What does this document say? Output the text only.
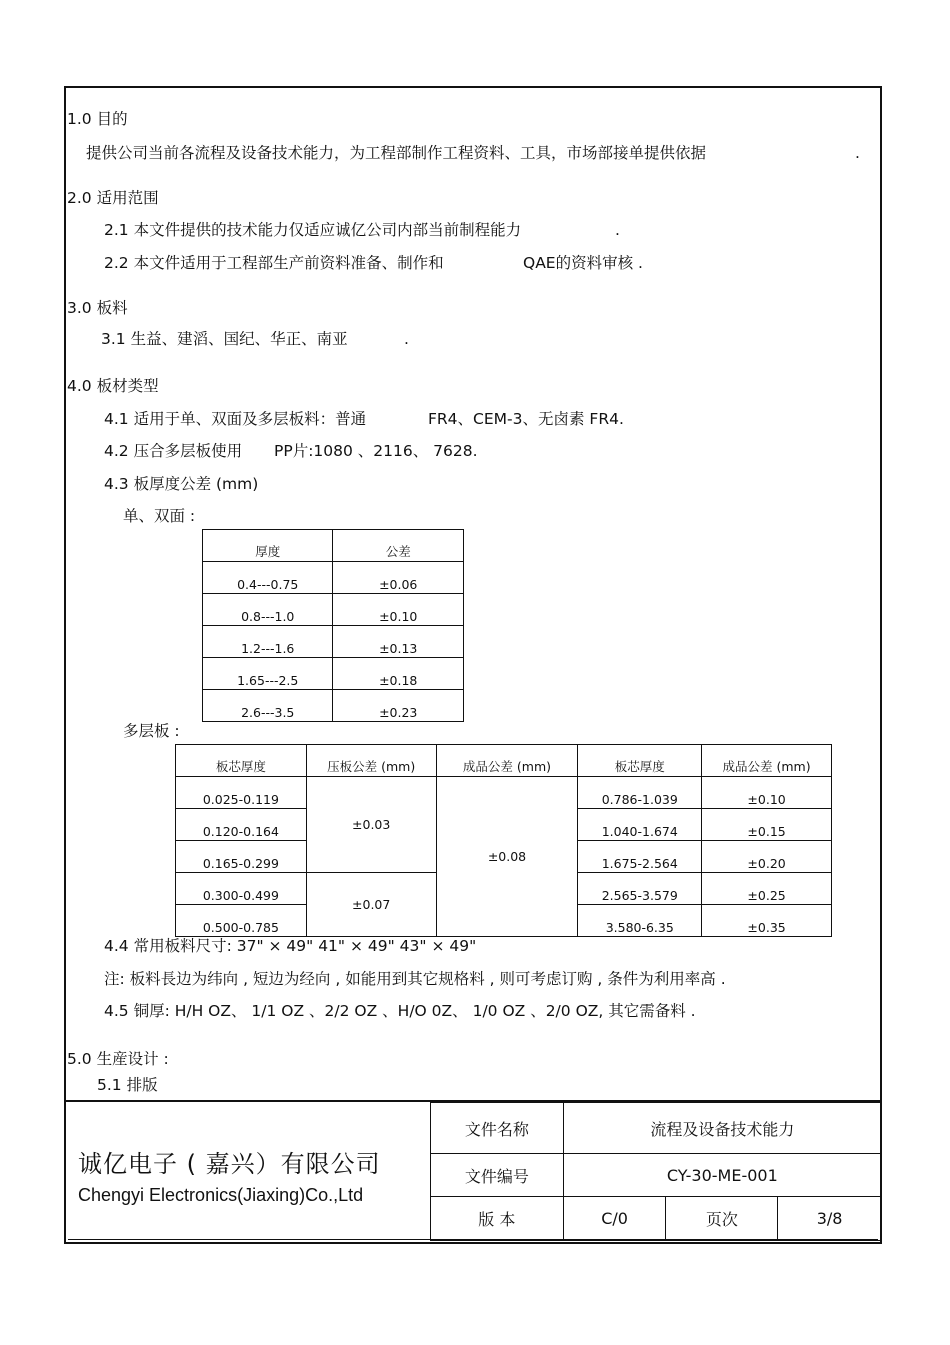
1.0 目的
提供公司当前各流程及设备技术能力，为工程部制作工程资料、工具，市场部接单提供依据	.
2.0 适用范围
2.1 本文件提供的技术能力仅适应诚亿公司内部当前制程能力	.
2.2 本文件适用于工程部生产前资料准备、制作和	QAE的资料审核 .
3.0 板料
3.1 生益、建滔、国纪、华正、南亚	.
4.0 板材类型
4.1 适用于单、双面及多层板料：普通	FR4、CEM-3、无卤素 FR4.
4.2 压合多层板使用 PP片:1080 、2116、 7628.
4.3 板厚度公差 (mm)
单、双面 :
厚度	公差
0.4---0.75	±0.06
0.8---1.0	±0.10
1.2---1.6	±0.13
1.65---2.5	±0.18
2.6---3.5	±0.23
多层板 :
板芯厚度	压板公差 (mm)	成品公差 (mm)	板芯厚度	成品公差 (mm)
0.025-0.119	±0.03	±0.08	0.786-1.039	±0.10
0.120-0.164			1.040-1.674	±0.15
0.165-0.299			1.675-2.564	±0.20
0.300-0.499	±0.07		2.565-3.579	±0.25
0.500-0.785			3.580-6.35	±0.35
4.4 常用板料尺寸: 37" × 49" 41" × 49" 43" × 49"
注: 板料長边为纬向 , 短边为经向 , 如能用到其它规格料 , 则可考虑订购 , 条件为利用率高 .
4.5 铜厚: H/H OZ、 1/1 OZ 、2/2 OZ 、H/O 0Z、 1/0 OZ 、2/0 OZ, 其它需备料 .
5.0 生産设计 :
5.1 排版
诚亿电子 ( 嘉兴）有限公司
Chengyi Electronics(Jiaxing)Co.,Ltd
文件名称	流程及设备技术能力		
文件编号	CY-30-ME-001		
版 本	C/0	页次	3/8
